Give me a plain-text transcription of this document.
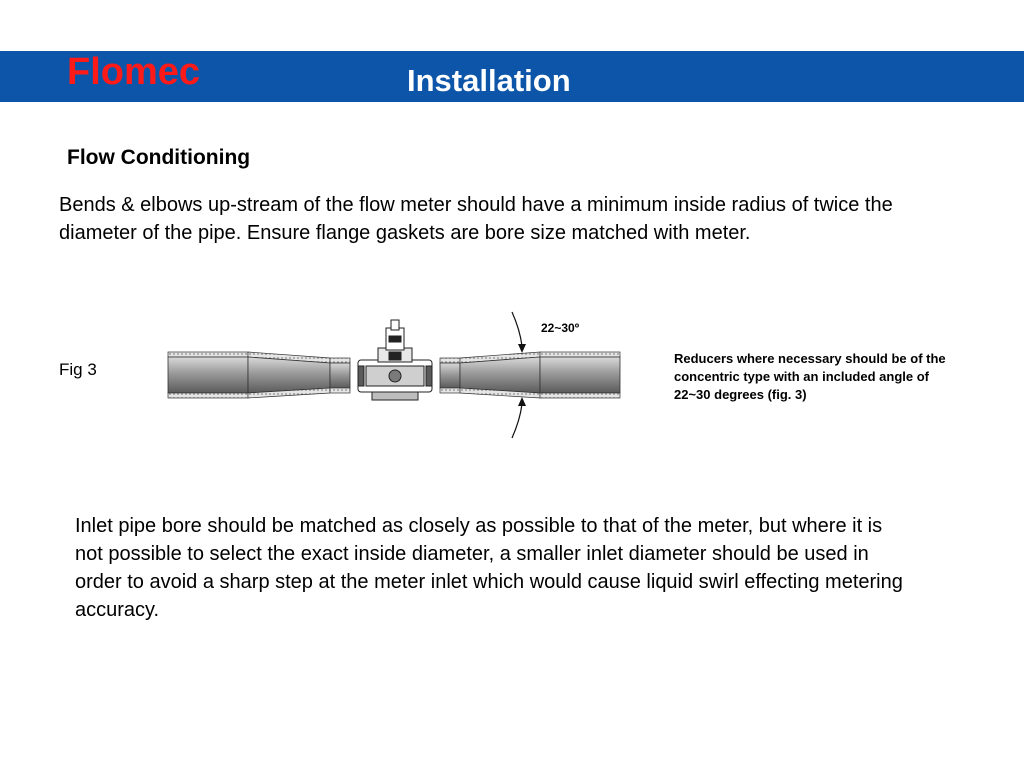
Flomec	Installation
Flow Conditioning
Bends & elbows up-stream of the flow meter should have a minimum inside radius of twice the diameter of the pipe. Ensure flange gaskets are bore size matched with meter.
Fig 3
22~30º
Reducers where necessary should be of the concentric type with an included angle of 22~30 degrees (fig. 3)
Inlet pipe bore should be matched as closely as possible to that of the meter, but where it is not possible to select the exact inside diameter, a smaller inlet diameter should be used in order to avoid a sharp step at the meter inlet which would cause liquid swirl effecting metering accuracy.
